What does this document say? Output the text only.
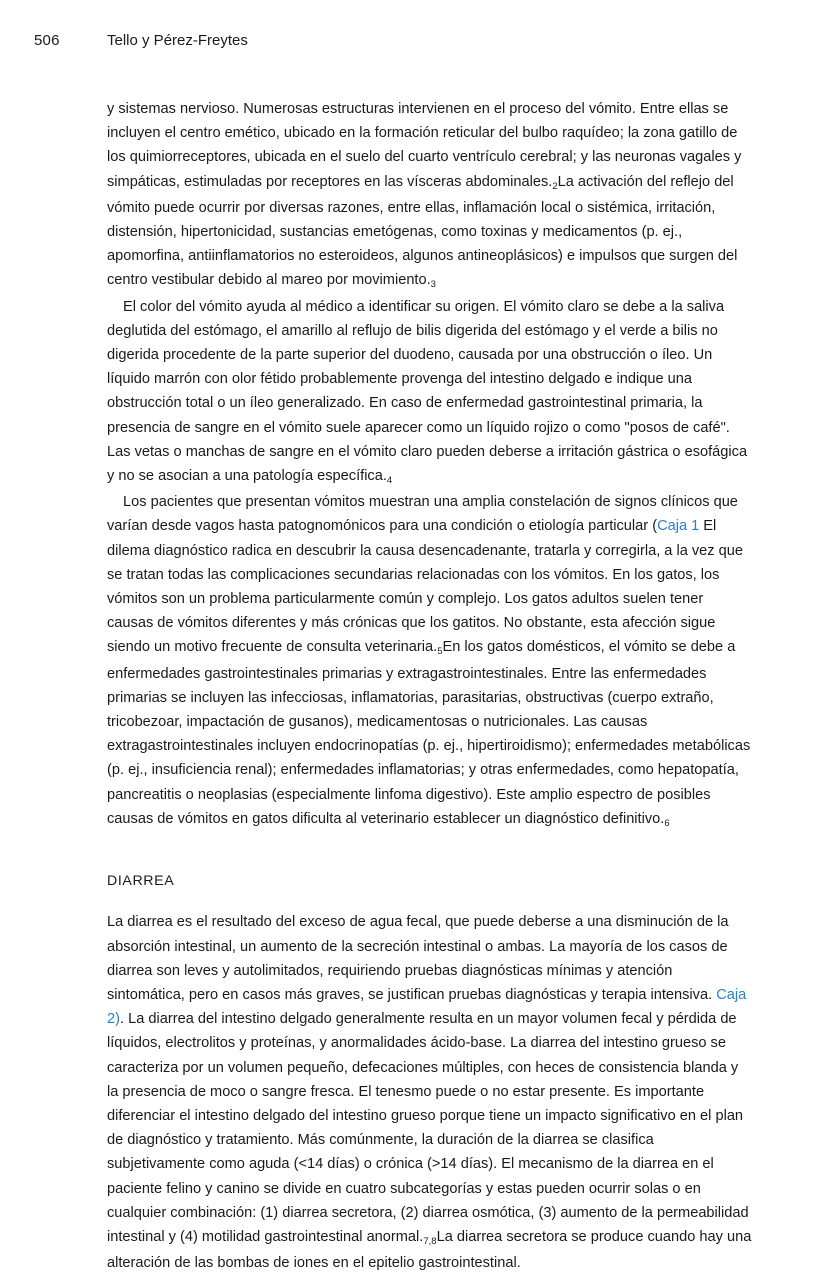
506	Tello y Pérez-Freytes

y sistemas nervioso. Numerosas estructuras intervienen en el proceso del vómito. Entre ellas se incluyen el centro emético, ubicado en la formación reticular del bulbo raquídeo; la zona gatillo de los quimiorreceptores, ubicada en el suelo del cuarto ventrículo cerebral; y las neuronas vagales y simpáticas, estimuladas por receptores en las vísceras $abdominales._2La$ activación del reflejo del vómito puede ocurrir por diversas razones, entre ellas, inflamación local o sistémica, irritación, distensión, hipertonicidad, sustancias emetógenas, como toxinas y medicamentos (p. ej., apomorfina, antiinflamatorios no esteroideos, algunos antineoplásicos) e impulsos que surgen del centro vestibular debido al mareo por $movimiento._3$

El color del vómito ayuda al médico a identificar su origen. El vómito claro se debe a la saliva deglutida del estómago, el amarillo al reflujo de bilis digerida del estómago y el verde a bilis no digerida procedente de la parte superior del duodeno, causada por una obstrucción o íleo. Un líquido marrón con olor fétido probablemente provenga del intestino delgado e indique una obstrucción total o un íleo generalizado. En caso de enfermedad gastrointestinal primaria, la presencia de sangre en el vómito suele aparecer como un líquido rojizo o como "posos de café". Las vetas o manchas de sangre en el vómito claro pueden deberse a irritación gástrica o esofágica y no se asocian a una patología $específica._4$

Los pacientes que presentan vómitos muestran una amplia constelación de signos clínicos que varían desde vagos hasta patognomónicos para una condición o etiología particular (Caja 1 El dilema diagnóstico radica en descubrir la causa desencadenante, tratarla y corregirla, a la vez que se tratan todas las complicaciones secundarias relacionadas con los vómitos. En los gatos, los vómitos son un problema particularmente común y complejo. Los gatos adultos suelen tener causas de vómitos diferentes y más crónicas que los gatitos. No obstante, esta afección sigue siendo un motivo frecuente de consulta $veterinaria._5En$ los gatos domésticos, el vómito se debe a enfermedades gastrointestinales primarias y extragastrointestinales. Entre las enfermedades primarias se incluyen las infecciosas, inflamatorias, parasitarias, obstructivas (cuerpo extraño, tricobezoar, impactación de gusanos), medicamentosas o nutricionales. Las causas extragastrointestinales incluyen endocrinopatías (p. ej., hipertiroidismo); enfermedades metabólicas (p. ej., insuficiencia renal); enfermedades inflamatorias; y otras enfermedades, como hepatopatía, pancreatitis o neoplasias (especialmente linfoma digestivo). Este amplio espectro de posibles causas de vómitos en gatos dificulta al veterinario establecer un diagnóstico $definitivo._6$

DIARREA

La diarrea es el resultado del exceso de agua fecal, que puede deberse a una disminución de la absorción intestinal, un aumento de la secreción intestinal o ambas. La mayoría de los casos de diarrea son leves y autolimitados, requiriendo pruebas diagnósticas mínimas y atención sintomática, pero en casos más graves, se justifican pruebas diagnósticas y terapia intensiva. Caja 2). La diarrea del intestino delgado generalmente resulta en un mayor volumen fecal y pérdida de líquidos, electrolitos y proteínas, y anormalidades ácido-base. La diarrea del intestino grueso se caracteriza por un volumen pequeño, defecaciones múltiples, con heces de consistencia blanda y la presencia de moco o sangre fresca. El tenesmo puede o no estar presente. Es importante diferenciar el intestino delgado del intestino grueso porque tiene un impacto significativo en el plan de diagnóstico y tratamiento. Más comúnmente, la duración de la diarrea se clasifica subjetivamente como aguda (<14 días) o crónica (>14 días). El mecanismo de la diarrea en el paciente felino y canino se divide en cuatro subcategorías y estas pueden ocurrir solas o en cualquier combinación: (1) diarrea secretora, (2) diarrea osmótica, (3) aumento de la permeabilidad intestinal y (4) motilidad gastrointestinal $anormal._{7,8}La$ diarrea secretora se produce cuando hay una alteración de las bombas de iones en el epitelio gastrointestinal.
